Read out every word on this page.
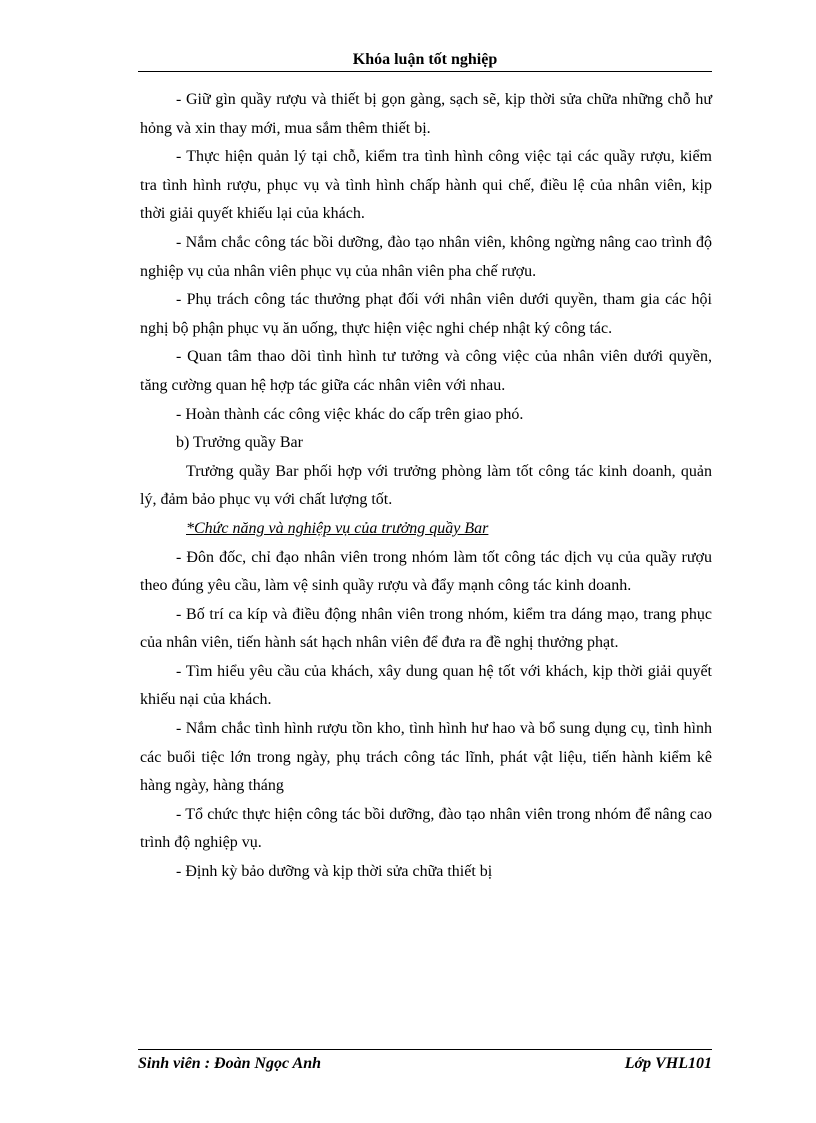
Khóa luận tốt nghiệp

- Giữ gìn quầy rượu và thiết bị gọn gàng, sạch sẽ, kịp thời sửa chữa những chỗ hư hỏng và xin thay mới, mua sắm thêm thiết bị.

- Thực hiện quản lý tại chỗ, kiểm tra tình hình công việc tại các quầy rượu, kiểm tra tình hình rượu, phục vụ và tình hình chấp hành qui chế, điều lệ của nhân viên, kịp thời giải quyết khiếu lại của khách.

- Nắm chắc công tác bồi dưỡng, đào tạo nhân viên, không ngừng nâng cao trình độ nghiệp vụ của nhân viên phục vụ của nhân viên pha chế rượu.

- Phụ trách công tác thưởng phạt đối với nhân viên dưới quyền, tham gia các hội nghị bộ phận phục vụ ăn uống, thực hiện việc nghi chép nhật ký công tác.

- Quan tâm thao dõi tình hình tư tưởng và công việc của nhân viên dưới quyền, tăng cường quan hệ hợp tác giữa các nhân viên với nhau.

- Hoàn thành các công việc khác do cấp trên giao phó.

b) Trưởng quầy Bar

Trưởng quầy Bar phối hợp với trưởng phòng làm tốt công tác kinh doanh, quản lý, đảm bảo phục vụ với chất lượng tốt.

*Chức năng và nghiệp vụ của trưởng quầy Bar

- Đôn đốc, chỉ đạo nhân viên trong nhóm làm tốt công tác dịch vụ của quầy rượu theo đúng yêu cầu, làm vệ sinh quầy rượu và đẩy mạnh công tác kinh doanh.

- Bố trí ca kíp và điều động nhân viên trong nhóm, kiểm tra dáng mạo, trang phục của nhân viên, tiến hành sát hạch nhân viên để đưa ra đề nghị thưởng phạt.

- Tìm hiểu yêu cầu của khách, xây dung quan hệ tốt với khách, kịp thời giải quyết khiếu nại của khách.

- Nắm chắc tình hình rượu tồn kho, tình hình hư hao và bổ sung dụng cụ, tình hình các buổi tiệc lớn trong ngày, phụ trách công tác lĩnh, phát vật liệu, tiến hành kiểm kê hàng ngày, hàng tháng

- Tổ chức thực hiện công tác bồi dưỡng, đào tạo nhân viên trong nhóm để nâng cao trình độ nghiệp vụ.

- Định kỳ bảo dưỡng và kịp thời sửa chữa thiết bị

Sinh viên : Đoàn Ngọc Anh	Lớp VHL101
